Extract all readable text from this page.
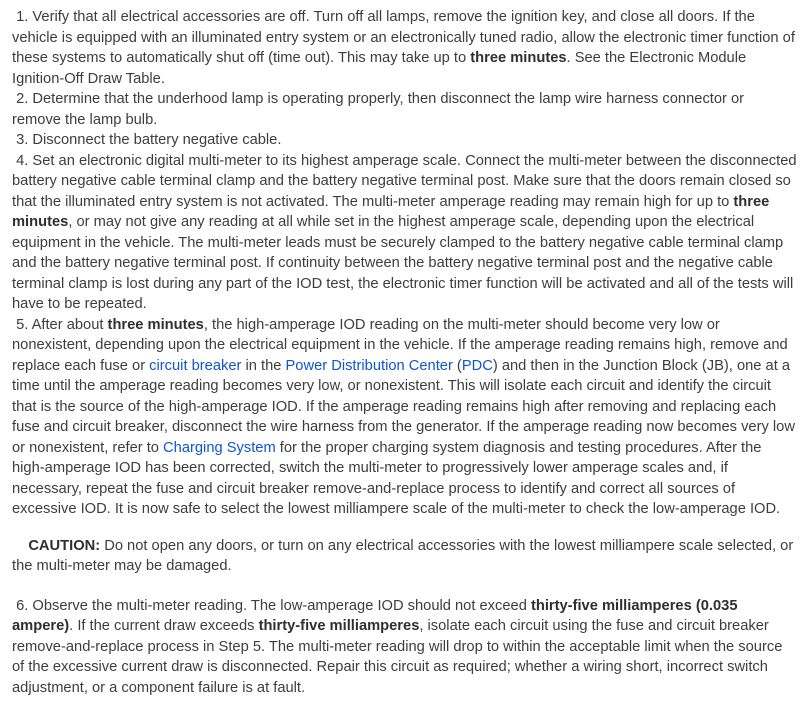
1. Verify that all electrical accessories are off. Turn off all lamps, remove the ignition key, and close all doors. If the vehicle is equipped with an illuminated entry system or an electronically tuned radio, allow the electronic timer function of these systems to automatically shut off (time out). This may take up to three minutes. See the Electronic Module Ignition-Off Draw Table.

2. Determine that the underhood lamp is operating properly, then disconnect the lamp wire harness connector or remove the lamp bulb.

3. Disconnect the battery negative cable.

4. Set an electronic digital multi-meter to its highest amperage scale. Connect the multi-meter between the disconnected battery negative cable terminal clamp and the battery negative terminal post. Make sure that the doors remain closed so that the illuminated entry system is not activated. The multi-meter amperage reading may remain high for up to three minutes, or may not give any reading at all while set in the highest amperage scale, depending upon the electrical equipment in the vehicle. The multi-meter leads must be securely clamped to the battery negative cable terminal clamp and the battery negative terminal post. If continuity between the battery negative terminal post and the negative cable terminal clamp is lost during any part of the IOD test, the electronic timer function will be activated and all of the tests will have to be repeated.

5. After about three minutes, the high-amperage IOD reading on the multi-meter should become very low or nonexistent, depending upon the electrical equipment in the vehicle. If the amperage reading remains high, remove and replace each fuse or circuit breaker in the Power Distribution Center (PDC) and then in the Junction Block (JB), one at a time until the amperage reading becomes very low, or nonexistent. This will isolate each circuit and identify the circuit that is the source of the high-amperage IOD. If the amperage reading remains high after removing and replacing each fuse and circuit breaker, disconnect the wire harness from the generator. If the amperage reading now becomes very low or nonexistent, refer to Charging System for the proper charging system diagnosis and testing procedures. After the high-amperage IOD has been corrected, switch the multi-meter to progressively lower amperage scales and, if necessary, repeat the fuse and circuit breaker remove-and-replace process to identify and correct all sources of excessive IOD. It is now safe to select the lowest milliampere scale of the multi-meter to check the low-amperage IOD.

CAUTION: Do not open any doors, or turn on any electrical accessories with the lowest milliampere scale selected, or the multi-meter may be damaged.

6. Observe the multi-meter reading. The low-amperage IOD should not exceed thirty-five milliamperes (0.035 ampere). If the current draw exceeds thirty-five milliamperes, isolate each circuit using the fuse and circuit breaker remove-and-replace process in Step 5. The multi-meter reading will drop to within the acceptable limit when the source of the excessive current draw is disconnected. Repair this circuit as required; whether a wiring short, incorrect switch adjustment, or a component failure is at fault.
